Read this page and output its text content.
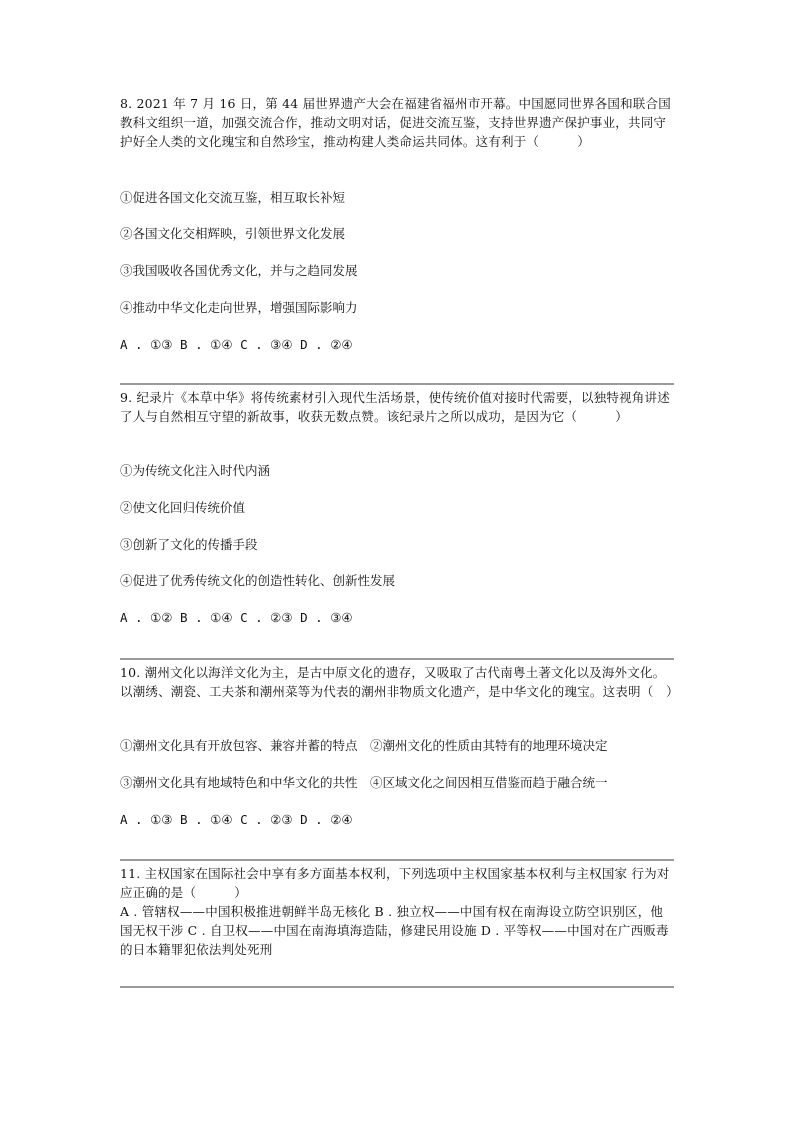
8. 2021 年 7 月 16 日，第 44 届世界遗产大会在福建省福州市开幕。中国愿同世界各国和联合国教科文组织一道，加强交流合作，推动文明对话，促进交流互鉴，支持世界遗产保护事业，共同守护好全人类的文化瑰宝和自然珍宝，推动构建人类命运共同体。这有利于（　　　）

①促进各国文化交流互鉴，相互取长补短
②各国文化交相辉映，引领世界文化发展
③我国吸收各国优秀文化，并与之趋同发展
④推动中华文化走向世界，增强国际影响力
A . ①③ B . ①④ C . ③④ D . ②④

9. 纪录片《本草中华》将传统素材引入现代生活场景，使传统价值对接时代需要，以独特视角讲述了人与自然相互守望的新故事，收获无数点赞。该纪录片之所以成功，是因为它（　　　）

①为传统文化注入时代内涵
②使文化回归传统价值
③创新了文化的传播手段
④促进了优秀传统文化的创造性转化、创新性发展
A . ①② B . ①④ C . ②③ D . ③④

10. 潮州文化以海洋文化为主，是古中原文化的遗存，又吸取了古代南粤土著文化以及海外文化。以潮绣、潮瓷、工夫茶和潮州菜等为代表的潮州非物质文化遗产，是中华文化的瑰宝。这表明（　）

①潮州文化具有开放包容、兼容并蓄的特点　②潮州文化的性质由其特有的地理环境决定
③潮州文化具有地域特色和中华文化的共性　④区域文化之间因相互借鉴而趋于融合统一
A . ①③ B . ①④ C . ②③ D . ②④

11. 主权国家在国际社会中享有多方面基本权利，下列选项中主权国家基本权利与主权国家 行为对应正确的是（　　　）

A . 管辖权——中国积极推进朝鲜半岛无核化 B . 独立权——中国有权在南海设立防空识别区，他国无权干涉 C . 自卫权——中国在南海填海造陆，修建民用设施 D . 平等权——中国对在广西贩毒的日本籍罪犯依法判处死刑
